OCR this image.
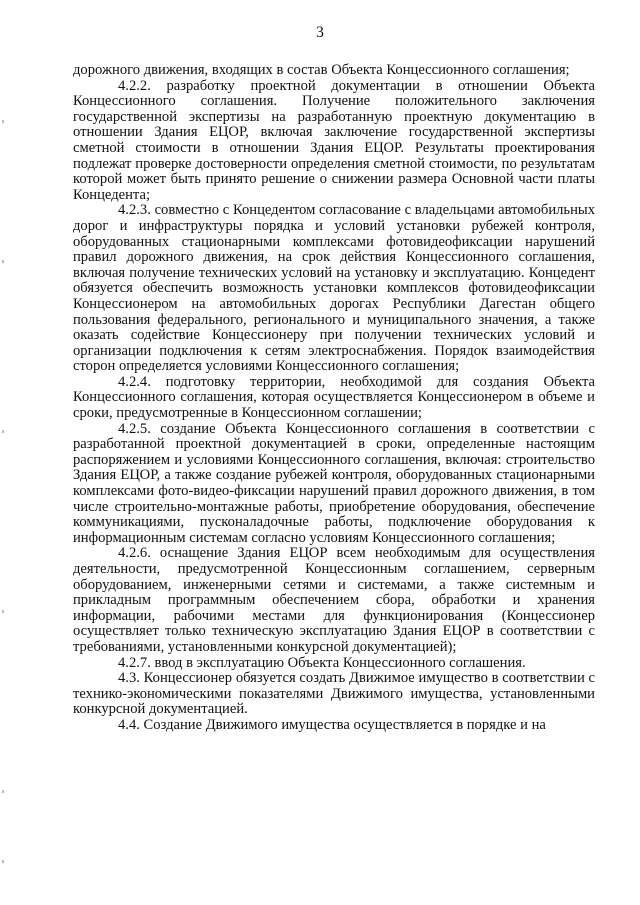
3

дорожного движения, входящих в состав Объекта Концессионного соглашения;

4.2.2. разработку проектной документации в отношении Объекта Концессионного соглашения. Получение положительного заключения государственной экспертизы на разработанную проектную документацию в отношении Здания ЕЦОР, включая заключение государственной экспертизы сметной стоимости в отношении Здания ЕЦОР. Результаты проектирования подлежат проверке достоверности определения сметной стоимости, по результатам которой может быть принято решение о снижении размера Основной части платы Концедента;

4.2.3. совместно с Концедентом согласование с владельцами автомобильных дорог и инфраструктуры порядка и условий установки рубежей контроля, оборудованных стационарными комплексами фотовидеофиксации нарушений правил дорожного движения, на срок действия Концессионного соглашения, включая получение технических условий на установку и эксплуатацию. Концедент обязуется обеспечить возможность установки комплексов фотовидеофиксации Концессионером на автомобильных дорогах Республики Дагестан общего пользования федерального, регионального и муниципального значения, а также оказать содействие Концессионеру при получении технических условий и организации подключения к сетям электроснабжения. Порядок взаимодействия сторон определяется условиями Концессионного соглашения;

4.2.4. подготовку территории, необходимой для создания Объекта Концессионного соглашения, которая осуществляется Концессионером в объеме и сроки, предусмотренные в Концессионном соглашении;

4.2.5. создание Объекта Концессионного соглашения в соответствии с разработанной проектной документацией в сроки, определенные настоящим распоряжением и условиями Концессионного соглашения, включая: строительство Здания ЕЦОР, а также создание рубежей контроля, оборудованных стационарными комплексами фото-видео-фиксации нарушений правил дорожного движения, в том числе строительно-монтажные работы, приобретение оборудования, обеспечение коммуникациями, пусконаладочные работы, подключение оборудования к информационным системам согласно условиям Концессионного соглашения;

4.2.6. оснащение Здания ЕЦОР всем необходимым для осуществления деятельности, предусмотренной Концессионным соглашением, серверным оборудованием, инженерными сетями и системами, а также системным и прикладным программным обеспечением сбора, обработки и хранения информации, рабочими местами для функционирования (Концессионер осуществляет только техническую эксплуатацию Здания ЕЦОР в соответствии с требованиями, установленными конкурсной документацией);

4.2.7. ввод в эксплуатацию Объекта Концессионного соглашения.

4.3. Концессионер обязуется создать Движимое имущество в соответствии с технико-экономическими показателями Движимого имущества, установленными конкурсной документацией.

4.4. Создание Движимого имущества осуществляется в порядке и на
